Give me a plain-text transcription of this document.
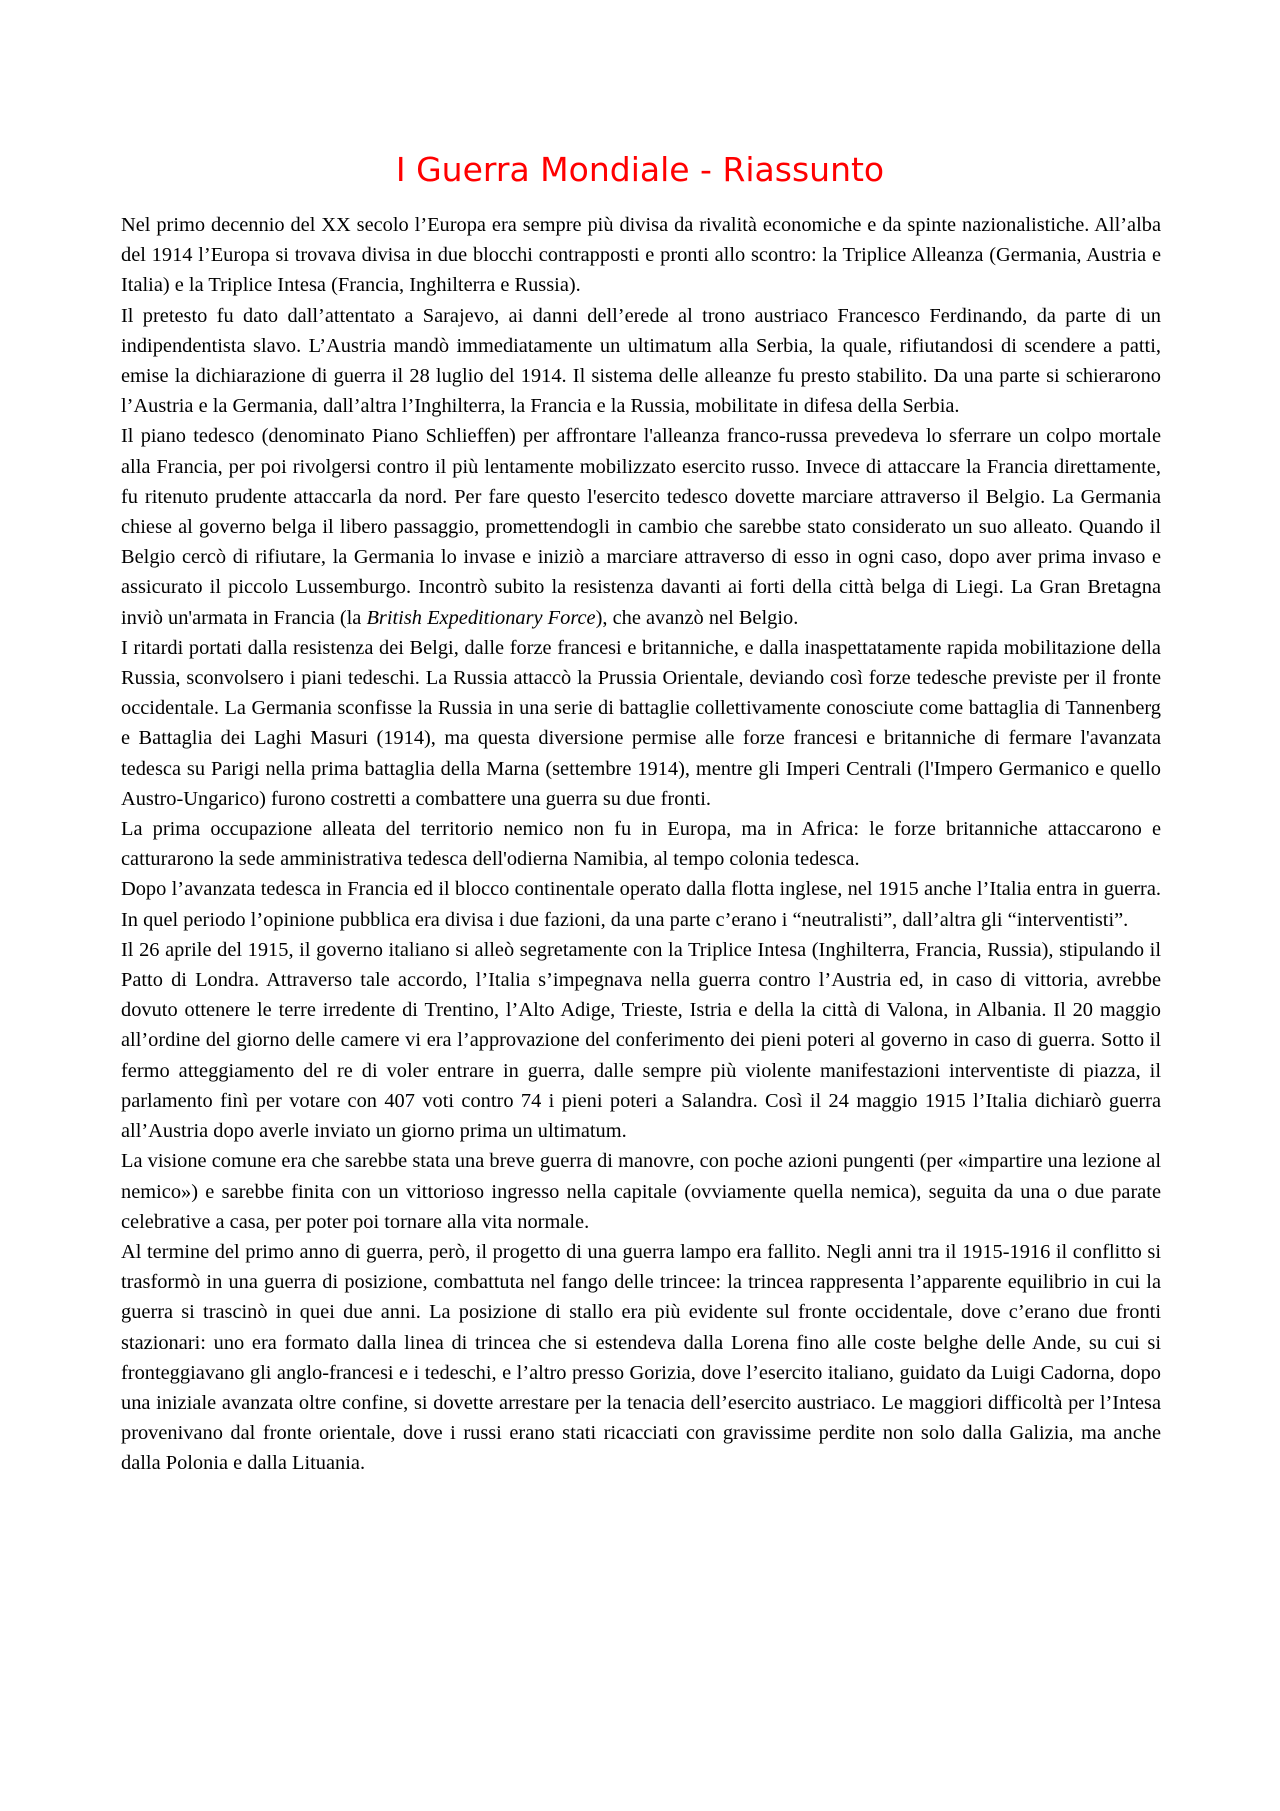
I Guerra Mondiale - Riassunto

Nel primo decennio del XX secolo l’Europa era sempre più divisa da rivalità economiche e da spinte nazionalistiche. All’alba del 1914 l’Europa si trovava divisa in due blocchi contrapposti e pronti allo scontro: la Triplice Alleanza (Germania, Austria e Italia) e la Triplice Intesa (Francia, Inghilterra e Russia).

Il pretesto fu dato dall’attentato a Sarajevo, ai danni dell’erede al trono austriaco Francesco Ferdinando, da parte di un indipendentista slavo. L’Austria mandò immediatamente un ultimatum alla Serbia, la quale, rifiutandosi di scendere a patti, emise la dichiarazione di guerra il 28 luglio del 1914. Il sistema delle alleanze fu presto stabilito. Da una parte si schierarono l’Austria e la Germania, dall’altra l’Inghilterra, la Francia e la Russia, mobilitate in difesa della Serbia.

Il piano tedesco (denominato Piano Schlieffen) per affrontare l'alleanza franco-russa prevedeva lo sferrare un colpo mortale alla Francia, per poi rivolgersi contro il più lentamente mobilizzato esercito russo. Invece di attaccare la Francia direttamente, fu ritenuto prudente attaccarla da nord. Per fare questo l'esercito tedesco dovette marciare attraverso il Belgio. La Germania chiese al governo belga il libero passaggio, promettendogli in cambio che sarebbe stato considerato un suo alleato. Quando il Belgio cercò di rifiutare, la Germania lo invase e iniziò a marciare attraverso di esso in ogni caso, dopo aver prima invaso e assicurato il piccolo Lussemburgo. Incontrò subito la resistenza davanti ai forti della città belga di Liegi. La Gran Bretagna inviò un'armata in Francia (la British Expeditionary Force), che avanzò nel Belgio.

I ritardi portati dalla resistenza dei Belgi, dalle forze francesi e britanniche, e dalla inaspettatamente rapida mobilitazione della Russia, sconvolsero i piani tedeschi. La Russia attaccò la Prussia Orientale, deviando così forze tedesche previste per il fronte occidentale. La Germania sconfisse la Russia in una serie di battaglie collettivamente conosciute come battaglia di Tannenberg e Battaglia dei Laghi Masuri (1914), ma questa diversione permise alle forze francesi e britanniche di fermare l'avanzata tedesca su Parigi nella prima battaglia della Marna (settembre 1914), mentre gli Imperi Centrali (l'Impero Germanico e quello Austro-Ungarico) furono costretti a combattere una guerra su due fronti.

La prima occupazione alleata del territorio nemico non fu in Europa, ma in Africa: le forze britanniche attaccarono e catturarono la sede amministrativa tedesca dell'odierna Namibia, al tempo colonia tedesca.

Dopo l’avanzata tedesca in Francia ed il blocco continentale operato dalla flotta inglese, nel 1915 anche l’Italia entra in guerra. In quel periodo l’opinione pubblica era divisa i due fazioni, da una parte c’erano i “neutralisti”, dall’altra gli “interventisti”.

Il 26 aprile del 1915, il governo italiano si alleò segretamente con la Triplice Intesa (Inghilterra, Francia, Russia), stipulando il Patto di Londra. Attraverso tale accordo, l’Italia s’impegnava nella guerra contro l’Austria ed, in caso di vittoria, avrebbe dovuto ottenere le terre irredente di Trentino, l’Alto Adige, Trieste, Istria e della la città di Valona, in Albania. Il 20 maggio all’ordine del giorno delle camere vi era l’approvazione del conferimento dei pieni poteri al governo in caso di guerra. Sotto il fermo atteggiamento del re di voler entrare in guerra, dalle sempre più violente manifestazioni interventiste di piazza, il parlamento finì per votare con 407 voti contro 74 i pieni poteri a Salandra. Così il 24 maggio 1915 l’Italia dichiarò guerra all’Austria dopo averle inviato un giorno prima un ultimatum.

La visione comune era che sarebbe stata una breve guerra di manovre, con poche azioni pungenti (per «impartire una lezione al nemico») e sarebbe finita con un vittorioso ingresso nella capitale (ovviamente quella nemica), seguita da una o due parate celebrative a casa, per poter poi tornare alla vita normale.

Al termine del primo anno di guerra, però, il progetto di una guerra lampo era fallito. Negli anni tra il 1915-1916 il conflitto si trasformò in una guerra di posizione, combattuta nel fango delle trincee: la trincea rappresenta l’apparente equilibrio in cui la guerra si trascinò in quei due anni. La posizione di stallo era più evidente sul fronte occidentale, dove c’erano due fronti stazionari: uno era formato dalla linea di trincea che si estendeva dalla Lorena fino alle coste belghe delle Ande, su cui si fronteggiavano gli anglo-francesi e i tedeschi, e l’altro presso Gorizia, dove l’esercito italiano, guidato da Luigi Cadorna, dopo una iniziale avanzata oltre confine, si dovette arrestare per la tenacia dell’esercito austriaco. Le maggiori difficoltà per l’Intesa provenivano dal fronte orientale, dove i russi erano stati ricacciati con gravissime perdite non solo dalla Galizia, ma anche dalla Polonia e dalla Lituania.
